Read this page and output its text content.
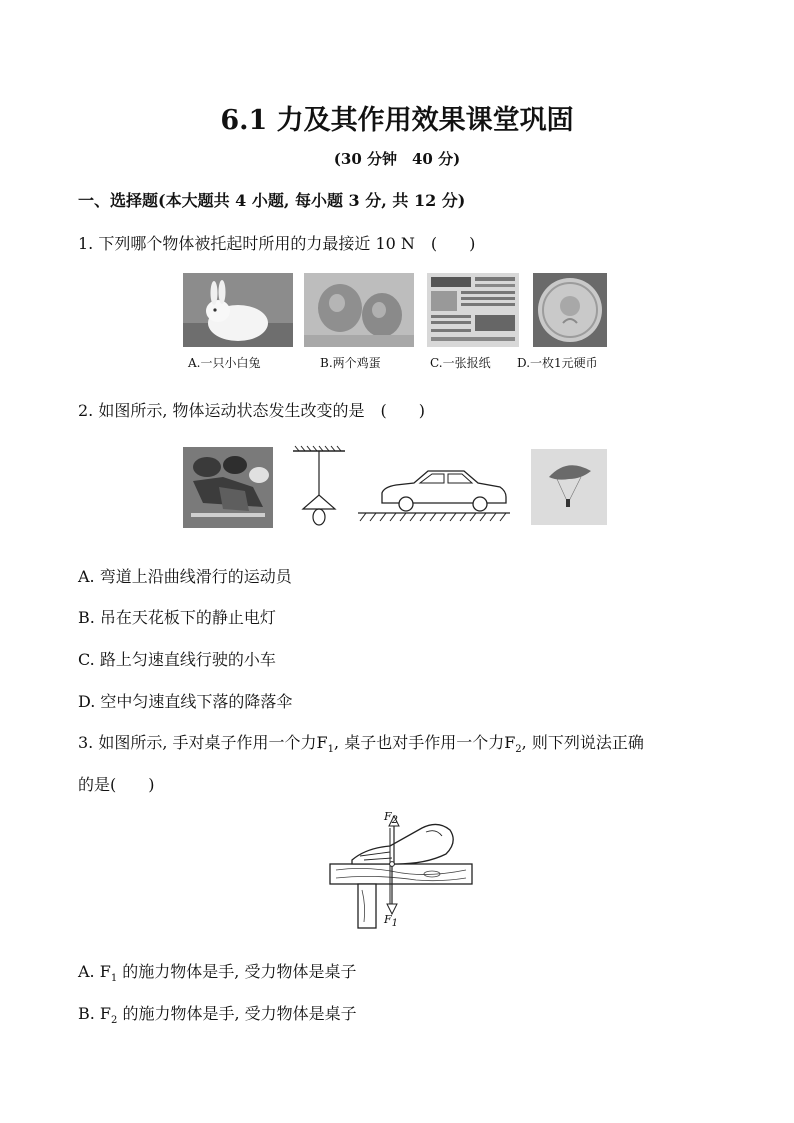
6.1 力及其作用效果课堂巩固
(30 分钟　40 分)
一、选择题(本大题共 4 小题, 每小题 3 分, 共 12 分)
1. 下列哪个物体被托起时所用的力最接近 10 N　(　　)
A.一只小白兔	B.两个鸡蛋	C.一张报纸 D.一枚1元硬币
2. 如图所示, 物体运动状态发生改变的是　(　　)
A. 弯道上沿曲线滑行的运动员
B. 吊在天花板下的静止电灯
C. 路上匀速直线行驶的小车
D. 空中匀速直线下落的降落伞
3. 如图所示, 手对桌子作用一个力$F_1$, 桌子也对手作用一个力$F_2$, 则下列说法正确
的是(　　)
$F_2$
$F_1$
A. $F_1$ 的施力物体是手, 受力物体是桌子
B. $F_2$ 的施力物体是手, 受力物体是桌子
